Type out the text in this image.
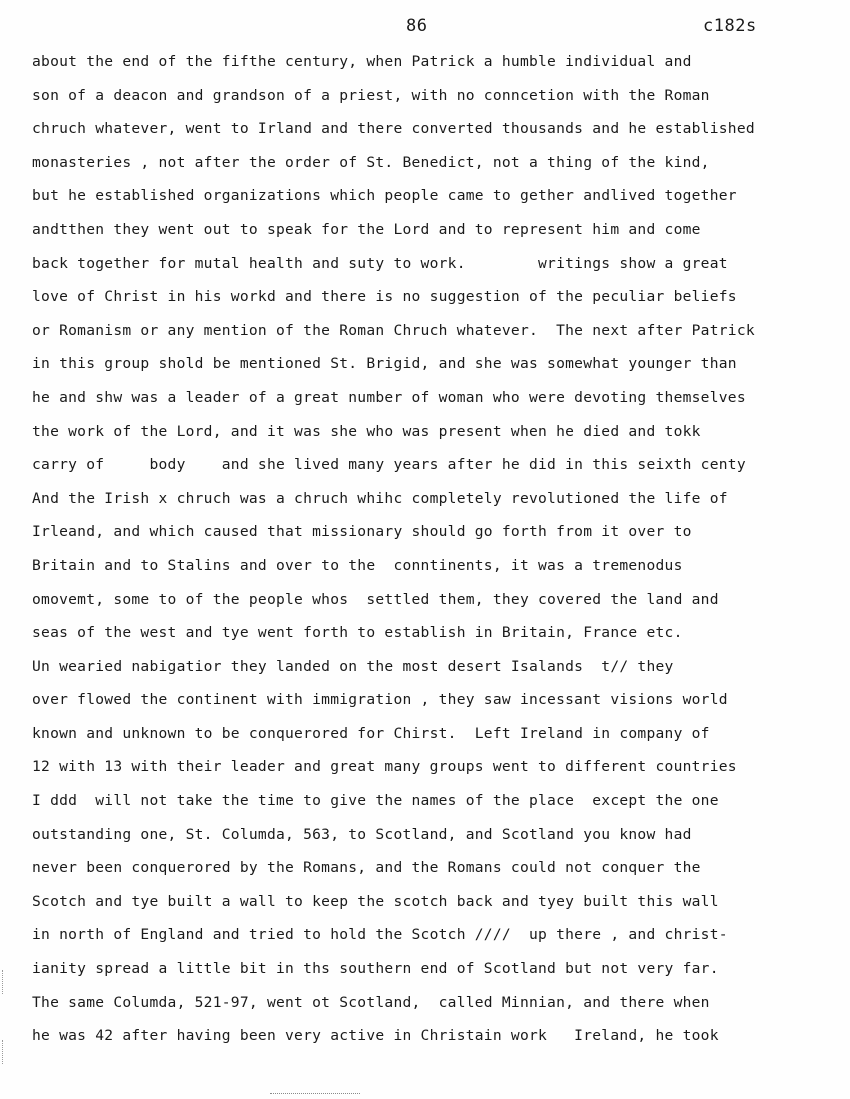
86	c182s
about the end of the fifthe century, when Patrick a humble individual and
son of a deacon and grandson of a priest, with no conncetion with the Roman
chruch whatever, went to Irland and there converted thousands and he established
monasteries , not after the order of St. Benedict, not a thing of the kind,
but he established organizations which people came to gether andlived together
andtthen they went out to speak for the Lord and to represent him and come
back together for mutal health and suty to work.        writings show a great
love of Christ in his workd and there is no suggestion of the peculiar beliefs
or Romanism or any mention of the Roman Chruch whatever.  The next after Patrick
in this group shold be mentioned St. Brigid, and she was somewhat younger than
he and shw was a leader of a great number of woman who were devoting themselves
the work of the Lord, and it was she who was present when he died and tokk
carry of     body    and she lived many years after he did in this seixth centy
And the Irish x chruch was a chruch whihc completely revolutioned the life of
Irleand, and which caused that missionary should go forth from it over to
Britain and to Stalins and over to the  conntinents, it was a tremenodus
omovemt, some to of the people whos  settled them, they covered the land and
seas of the west and tye went forth to establish in Britain, France etc.
Un wearied nabigatior they landed on the most desert Isalands  t// they
over flowed the continent with immigration , they saw incessant visions world
known and unknown to be conquerored for Chirst.  Left Ireland in company of
12 with 13 with their leader and great many groups went to different countries
I ddd  will not take the time to give the names of the place  except the one
outstanding one, St. Columda, 563, to Scotland, and Scotland you know had
never been conquerored by the Romans, and the Romans could not conquer the
Scotch and tye built a wall to keep the scotch back and tyey built this wall
in north of England and tried to hold the Scotch ////  up there , and christ-
ianity spread a little bit in ths southern end of Scotland but not very far.
The same Columda, 521-97, went ot Scotland,  called Minnian, and there when
he was 42 after having been very active in Christain work   Ireland, he took
